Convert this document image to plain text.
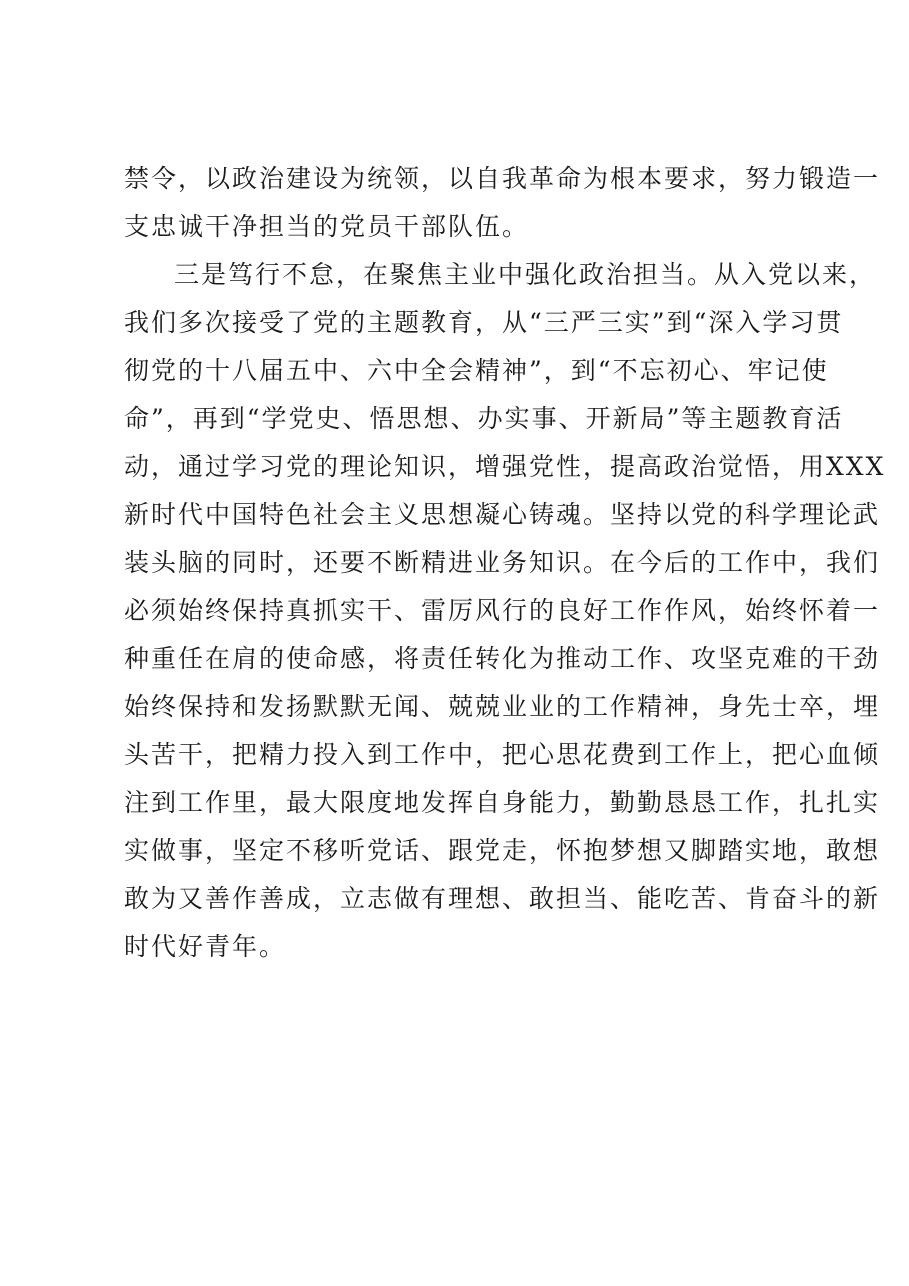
禁令，以政治建设为统领，以自我革命为根本要求，努力锻造一
支忠诚干净担当的党员干部队伍。
三是笃行不怠，在聚焦主业中强化政治担当。从入党以来，
我们多次接受了党的主题教育，从“三严三实”到“深入学习贯
彻党的十八届五中、六中全会精神”，到“不忘初心、牢记使
命”，再到“学党史、悟思想、办实事、开新局”等主题教育活
动，通过学习党的理论知识，增强党性，提高政治觉悟，用XXX
新时代中国特色社会主义思想凝心铸魂。坚持以党的科学理论武
装头脑的同时，还要不断精进业务知识。在今后的工作中，我们
必须始终保持真抓实干、雷厉风行的良好工作作风，始终怀着一
种重任在肩的使命感，将责任转化为推动工作、攻坚克难的干劲
始终保持和发扬默默无闻、兢兢业业的工作精神，身先士卒，埋
头苦干，把精力投入到工作中，把心思花费到工作上，把心血倾
注到工作里，最大限度地发挥自身能力，勤勤恳恳工作，扎扎实
实做事，坚定不移听党话、跟党走，怀抱梦想又脚踏实地，敢想
敢为又善作善成，立志做有理想、敢担当、能吃苦、肯奋斗的新
时代好青年。
